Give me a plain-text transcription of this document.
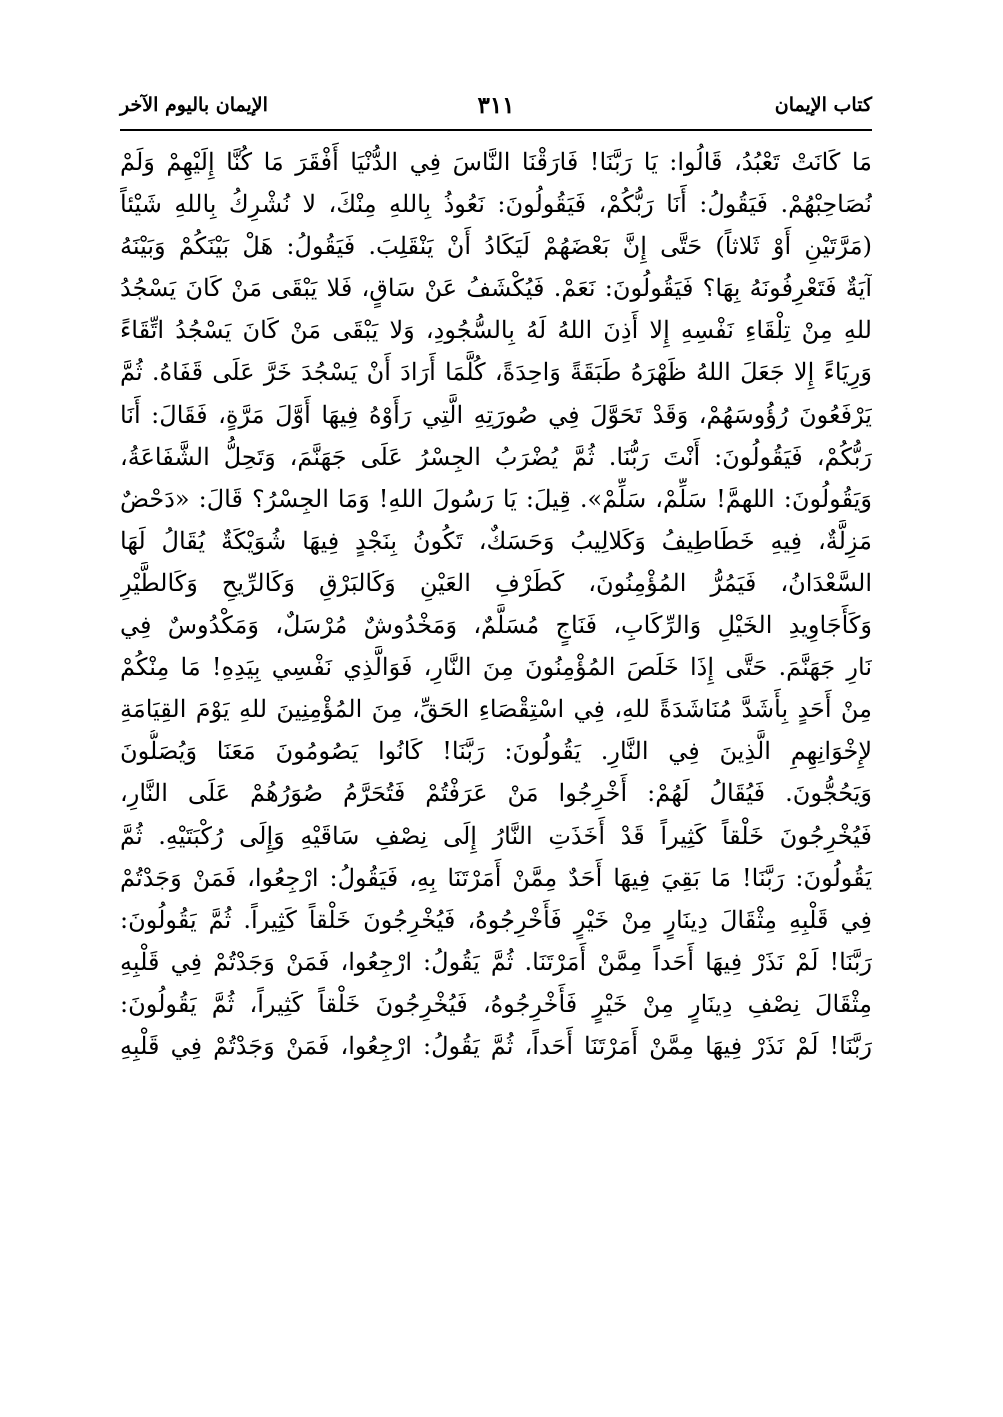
كتاب الإيمان
٣١١
الإيمان باليوم الآخر
مَا كَانَتْ تَعْبُدُ، قَالُوا: يَا رَبَّنَا! فَارَقْنَا النَّاسَ فِي الدُّنْيَا أَفْقَرَ مَا كُنَّا إِلَيْهِمْ وَلَمْ
نُصَاحِبْهُمْ. فَيَقُولُ: أَنَا رَبُّكُمْ، فَيَقُولُونَ: نَعُوذُ بِاللهِ مِنْكَ، لا نُشْرِكُ بِاللهِ شَيْئاً
(مَرَّتَيْنِ أَوْ ثَلاثاً) حَتَّى إِنَّ بَعْضَهُمْ لَيَكَادُ أَنْ يَنْقَلِبَ. فَيَقُولُ: هَلْ بَيْنَكُمْ وَبَيْنَهُ
آيَةٌ فَتَعْرِفُونَهُ بِهَا؟ فَيَقُولُونَ: نَعَمْ. فَيُكْشَفُ عَنْ سَاقٍ، فَلا يَبْقَى مَنْ كَانَ يَسْجُدُ
للهِ مِنْ تِلْقَاءِ نَفْسِهِ إِلا أَذِنَ اللهُ لَهُ بِالسُّجُودِ، وَلا يَبْقَى مَنْ كَانَ يَسْجُدُ اتِّقَاءً
وَرِيَاءً إِلا جَعَلَ اللهُ ظَهْرَهُ طَبَقَةً وَاحِدَةً، كُلَّمَا أَرَادَ أَنْ يَسْجُدَ خَرَّ عَلَى قَفَاهُ. ثُمَّ
يَرْفَعُونَ رُؤُوسَهُمْ، وَقَدْ تَحَوَّلَ فِي صُورَتِهِ الَّتِي رَأَوْهُ فِيهَا أَوَّلَ مَرَّةٍ، فَقَالَ: أَنَا
رَبُّكُمْ، فَيَقُولُونَ: أَنْتَ رَبُّنَا. ثُمَّ يُضْرَبُ الجِسْرُ عَلَى جَهَنَّمَ، وَتَحِلُّ الشَّفَاعَةُ،
وَيَقُولُونَ: اللهمَّ! سَلِّمْ، سَلِّمْ». قِيلَ: يَا رَسُولَ اللهِ! وَمَا الجِسْرُ؟ قَالَ: «دَحْضٌ
مَزِلَّةٌ، فِيهِ خَطَاطِيفُ وَكَلالِيبُ وَحَسَكٌ، تَكُونُ بِنَجْدٍ فِيهَا شُوَيْكَةٌ يُقَالُ لَهَا
السَّعْدَانُ، فَيَمُرُّ المُؤْمِنُونَ، كَطَرْفِ العَيْنِ وَكَالبَرْقِ وَكَالرِّيحِ وَكَالطَّيْرِ
وَكَأَجَاوِيدِ الخَيْلِ وَالرِّكَابِ، فَنَاجٍ مُسَلَّمٌ، وَمَخْدُوشٌ مُرْسَلٌ، وَمَكْدُوسٌ فِي
نَارِ جَهَنَّمَ. حَتَّى إِذَا خَلَصَ المُؤْمِنُونَ مِنَ النَّارِ، فَوَالَّذِي نَفْسِي بِيَدِهِ! مَا مِنْكُمْ
مِنْ أَحَدٍ بِأَشَدَّ مُنَاشَدَةً للهِ، فِي اسْتِقْصَاءِ الحَقِّ، مِنَ المُؤْمِنِينَ للهِ يَوْمَ القِيَامَةِ
لإِخْوَانِهِمِ الَّذِينَ فِي النَّارِ. يَقُولُونَ: رَبَّنَا! كَانُوا يَصُومُونَ مَعَنَا وَيُصَلُّونَ
وَيَحُجُّونَ. فَيُقَالُ لَهُمْ: أَخْرِجُوا مَنْ عَرَفْتُمْ فَتُحَرَّمُ صُوَرُهُمْ عَلَى النَّارِ،
فَيُخْرِجُونَ خَلْقاً كَثِيراً قَدْ أَخَذَتِ النَّارُ إِلَى نِصْفِ سَاقَيْهِ وَإِلَى رُكْبَتَيْهِ. ثُمَّ
يَقُولُونَ: رَبَّنَا! مَا بَقِيَ فِيهَا أَحَدٌ مِمَّنْ أَمَرْتَنَا بِهِ، فَيَقُولُ: ارْجِعُوا، فَمَنْ وَجَدْتُمْ
فِي قَلْبِهِ مِثْقَالَ دِينَارٍ مِنْ خَيْرٍ فَأَخْرِجُوهُ، فَيُخْرِجُونَ خَلْقاً كَثِيراً. ثُمَّ يَقُولُونَ:
رَبَّنَا! لَمْ نَذَرْ فِيهَا أَحَداً مِمَّنْ أَمَرْتَنَا. ثُمَّ يَقُولُ: ارْجِعُوا، فَمَنْ وَجَدْتُمْ فِي قَلْبِهِ
مِثْقَالَ نِصْفِ دِينَارٍ مِنْ خَيْرٍ فَأَخْرِجُوهُ، فَيُخْرِجُونَ خَلْقاً كَثِيراً، ثُمَّ يَقُولُونَ:
رَبَّنَا! لَمْ نَذَرْ فِيهَا مِمَّنْ أَمَرْتَنَا أَحَداً، ثُمَّ يَقُولُ: ارْجِعُوا، فَمَنْ وَجَدْتُمْ فِي قَلْبِهِ
